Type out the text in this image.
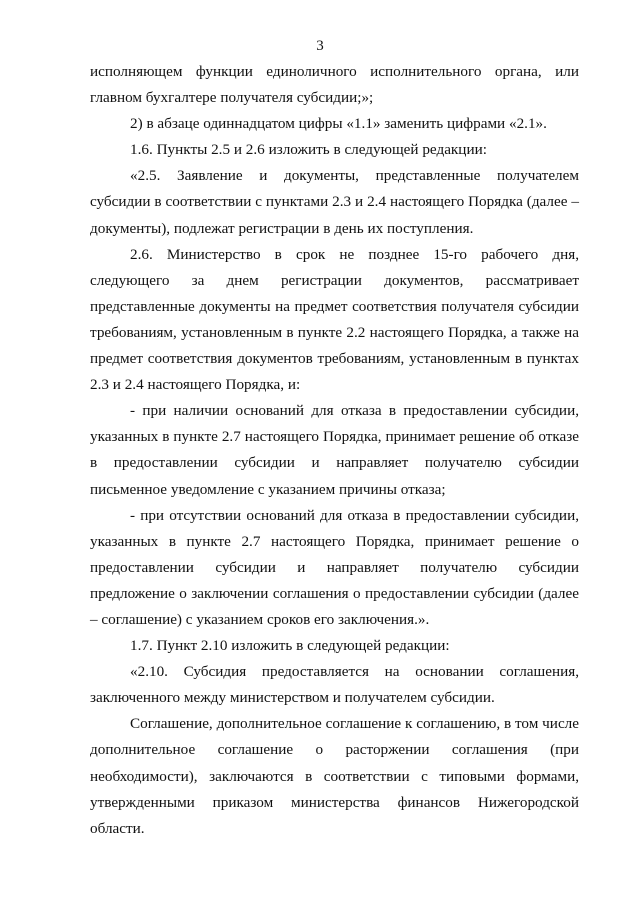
3

исполняющем функции единоличного исполнительного органа, или главном бухгалтере получателя субсидии;»;

2) в абзаце одиннадцатом цифры «1.1» заменить цифрами «2.1».

1.6. Пункты 2.5 и 2.6 изложить в следующей редакции:

«2.5. Заявление и документы, представленные получателем субсидии в соответствии с пунктами 2.3 и 2.4 настоящего Порядка (далее – документы), подлежат регистрации в день их поступления.

2.6. Министерство в срок не позднее 15-го рабочего дня, следующего за днем регистрации документов, рассматривает представленные документы на предмет соответствия получателя субсидии требованиям, установленным в пункте 2.2 настоящего Порядка, а также на предмет соответствия документов требованиям, установленным в пунктах 2.3 и 2.4 настоящего Порядка, и:

- при наличии оснований для отказа в предоставлении субсидии, указанных в пункте 2.7 настоящего Порядка, принимает решение об отказе в предоставлении субсидии и направляет получателю субсидии письменное уведомление с указанием причины отказа;

- при отсутствии оснований для отказа в предоставлении субсидии, указанных в пункте 2.7 настоящего Порядка, принимает решение о предоставлении субсидии и направляет получателю субсидии предложение о заключении соглашения о предоставлении субсидии (далее – соглашение) с указанием сроков его заключения.».

1.7. Пункт 2.10 изложить в следующей редакции:

«2.10. Субсидия предоставляется на основании соглашения, заключенного между министерством и получателем субсидии.

Соглашение, дополнительное соглашение к соглашению, в том числе дополнительное соглашение о расторжении соглашения (при необходимости), заключаются в соответствии с типовыми формами, утвержденными приказом министерства финансов Нижегородской области.
